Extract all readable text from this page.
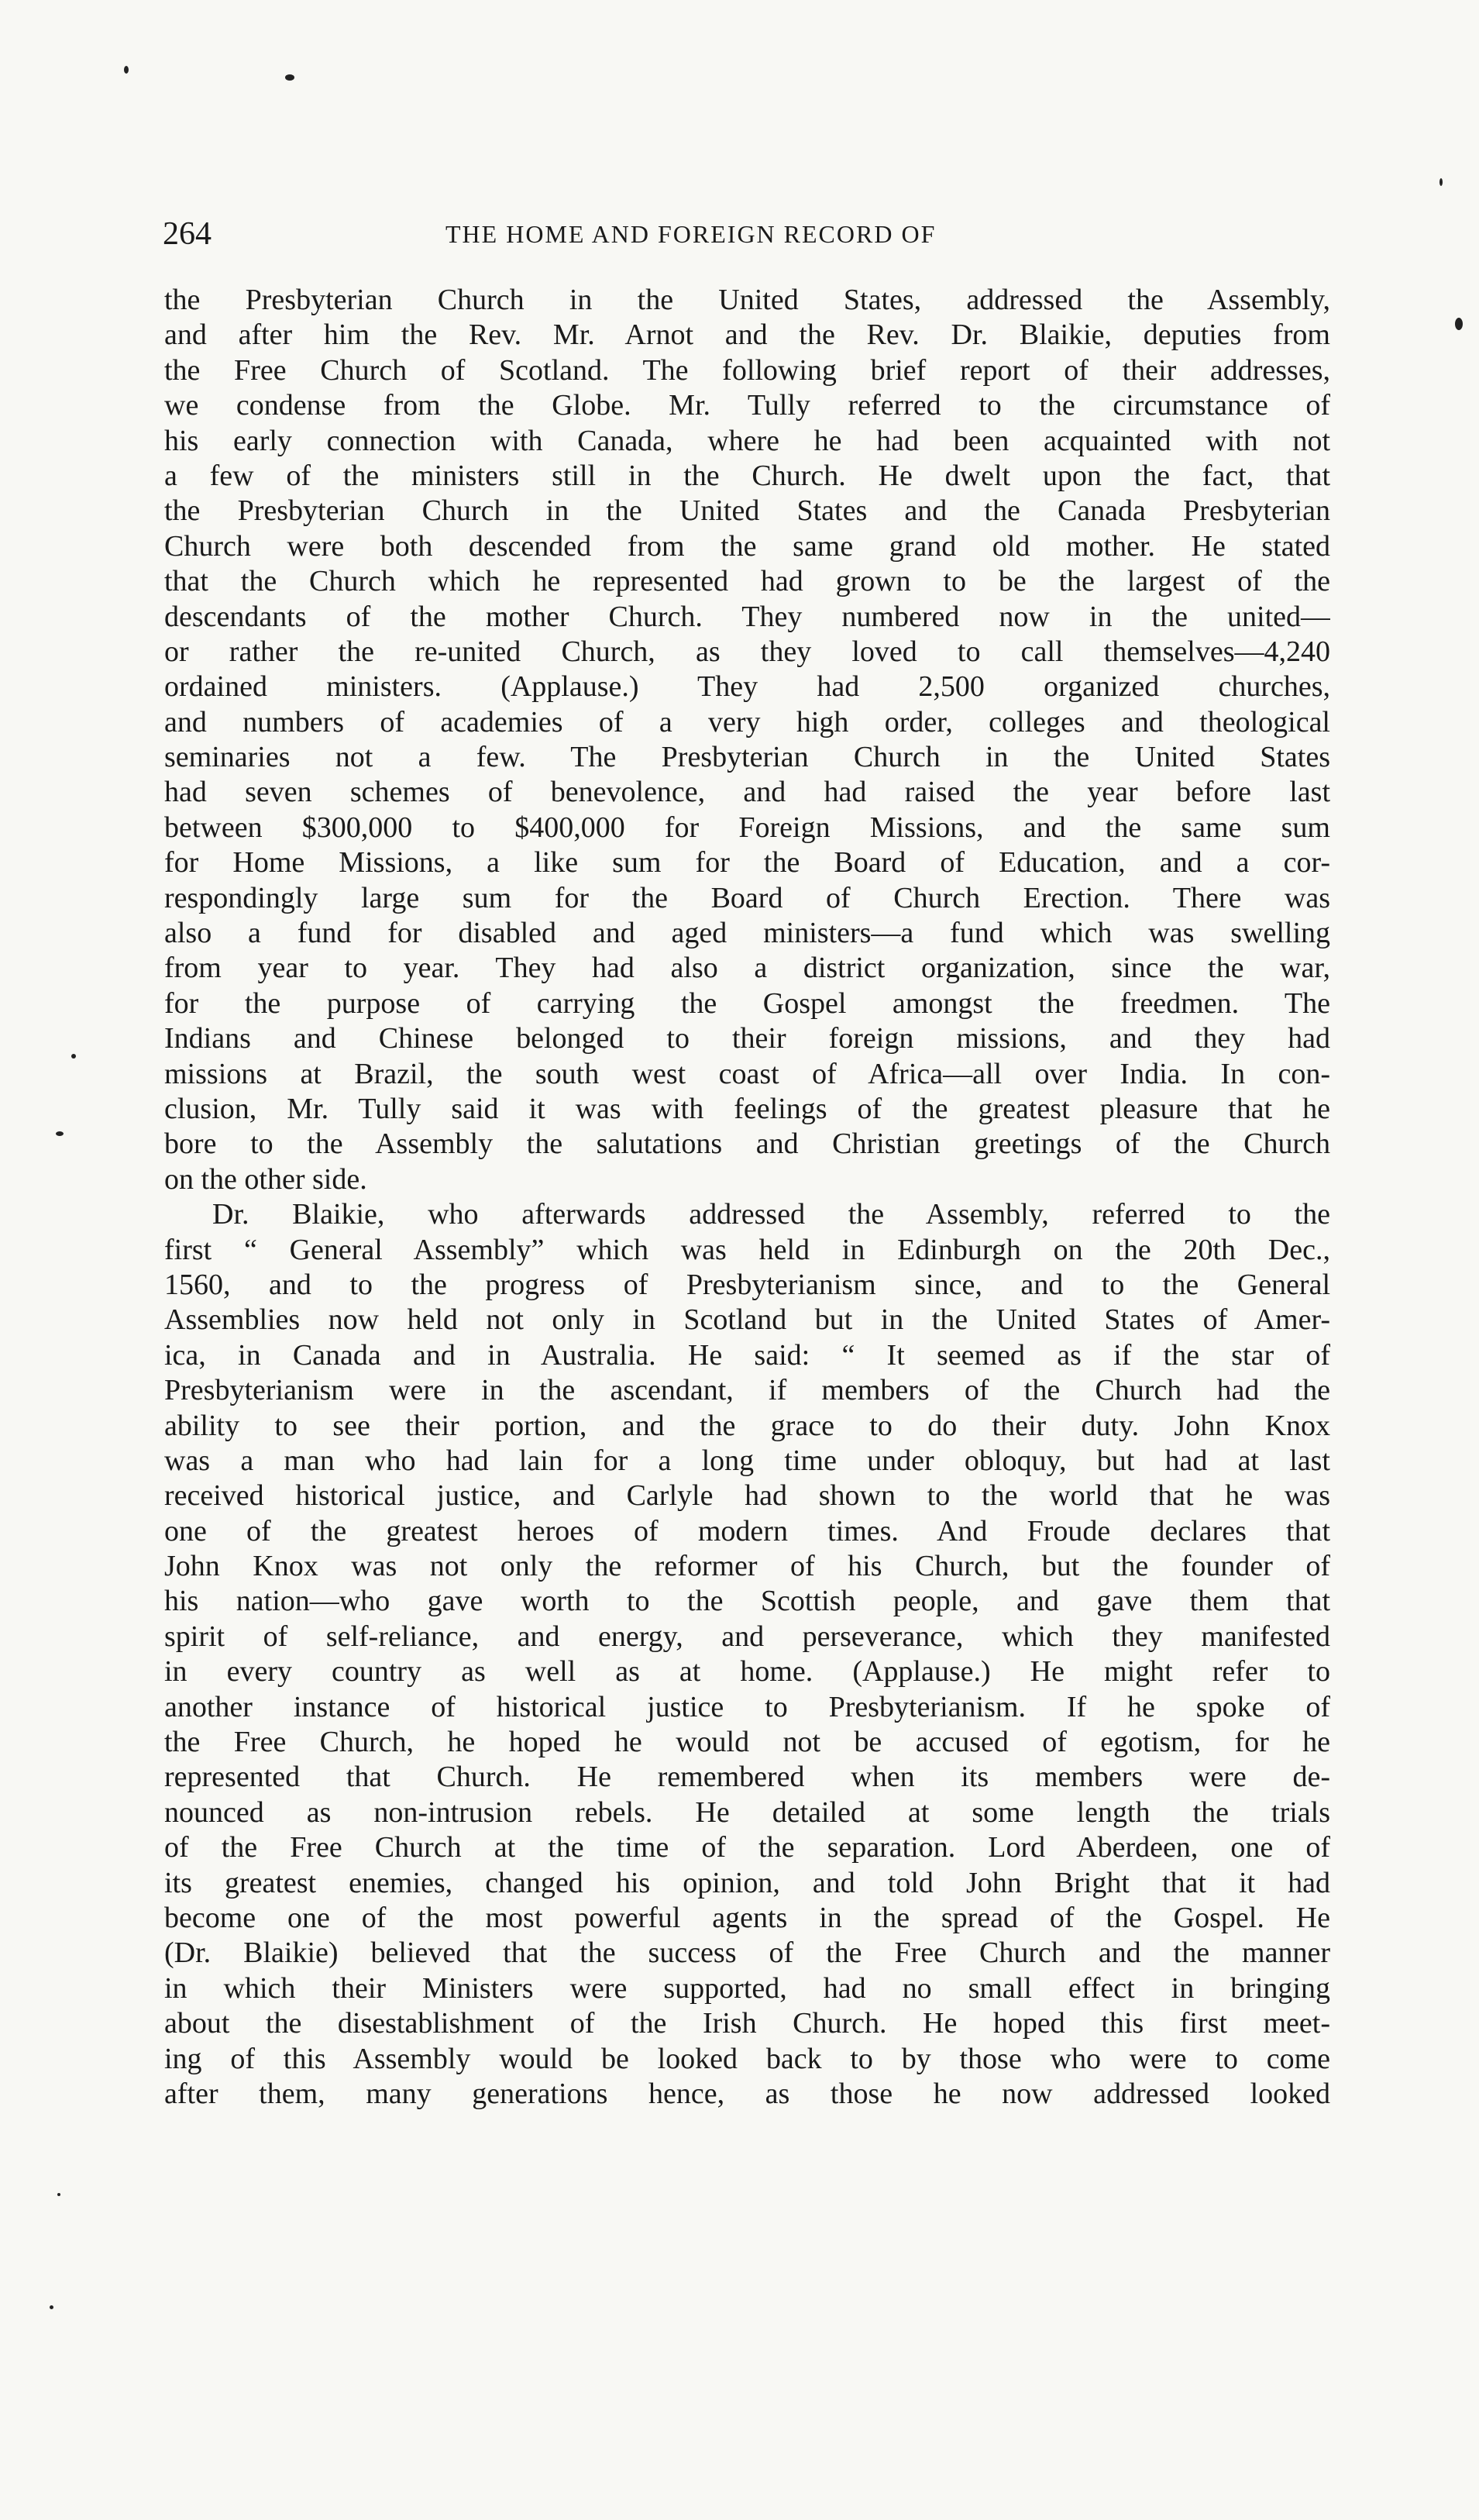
264	THE HOME AND FOREIGN RECORD OF
the Presbyterian Church in the United States, addressed the Assembly,
and after him the Rev. Mr. Arnot and the Rev. Dr. Blaikie, deputies from
the Free Church of Scotland. The following brief report of their addresses,
we condense from the Globe. Mr. Tully referred to the circumstance of
his early connection with Canada, where he had been acquainted with not
a few of the ministers still in the Church. He dwelt upon the fact, that
the Presbyterian Church in the United States and the Canada Presbyterian
Church were both descended from the same grand old mother. He stated
that the Church which he represented had grown to be the largest of the
descendants of the mother Church. They numbered now in the united—
or rather the re-united Church, as they loved to call themselves—4,240
ordained ministers. (Applause.) They had 2,500 organized churches,
and numbers of academies of a very high order, colleges and theological
seminaries not a few. The Presbyterian Church in the United States
had seven schemes of benevolence, and had raised the year before last
between $300,000 to $400,000 for Foreign Missions, and the same sum
for Home Missions, a like sum for the Board of Education, and a cor-
respondingly large sum for the Board of Church Erection. There was
also a fund for disabled and aged ministers—a fund which was swelling
from year to year. They had also a district organization, since the war,
for the purpose of carrying the Gospel amongst the freedmen. The
Indians and Chinese belonged to their foreign missions, and they had
missions at Brazil, the south west coast of Africa—all over India. In con-
clusion, Mr. Tully said it was with feelings of the greatest pleasure that he
bore to the Assembly the salutations and Christian greetings of the Church
on the other side.
Dr. Blaikie, who afterwards addressed the Assembly, referred to the
first “ General Assembly” which was held in Edinburgh on the 20th Dec.,
1560, and to the progress of Presbyterianism since, and to the General
Assemblies now held not only in Scotland but in the United States of Amer-
ica, in Canada and in Australia. He said: “ It seemed as if the star of
Presbyterianism were in the ascendant, if members of the Church had the
ability to see their portion, and the grace to do their duty. John Knox
was a man who had lain for a long time under obloquy, but had at last
received historical justice, and Carlyle had shown to the world that he was
one of the greatest heroes of modern times. And Froude declares that
John Knox was not only the reformer of his Church, but the founder of
his nation—who gave worth to the Scottish people, and gave them that
spirit of self-reliance, and energy, and perseverance, which they manifested
in every country as well as at home. (Applause.) He might refer to
another instance of historical justice to Presbyterianism. If he spoke of
the Free Church, he hoped he would not be accused of egotism, for he
represented that Church. He remembered when its members were de-
nounced as non-intrusion rebels. He detailed at some length the trials
of the Free Church at the time of the separation. Lord Aberdeen, one of
its greatest enemies, changed his opinion, and told John Bright that it had
become one of the most powerful agents in the spread of the Gospel. He
(Dr. Blaikie) believed that the success of the Free Church and the manner
in which their Ministers were supported, had no small effect in bringing
about the disestablishment of the Irish Church. He hoped this first meet-
ing of this Assembly would be looked back to by those who were to come
after them, many generations hence, as those he now addressed looked
